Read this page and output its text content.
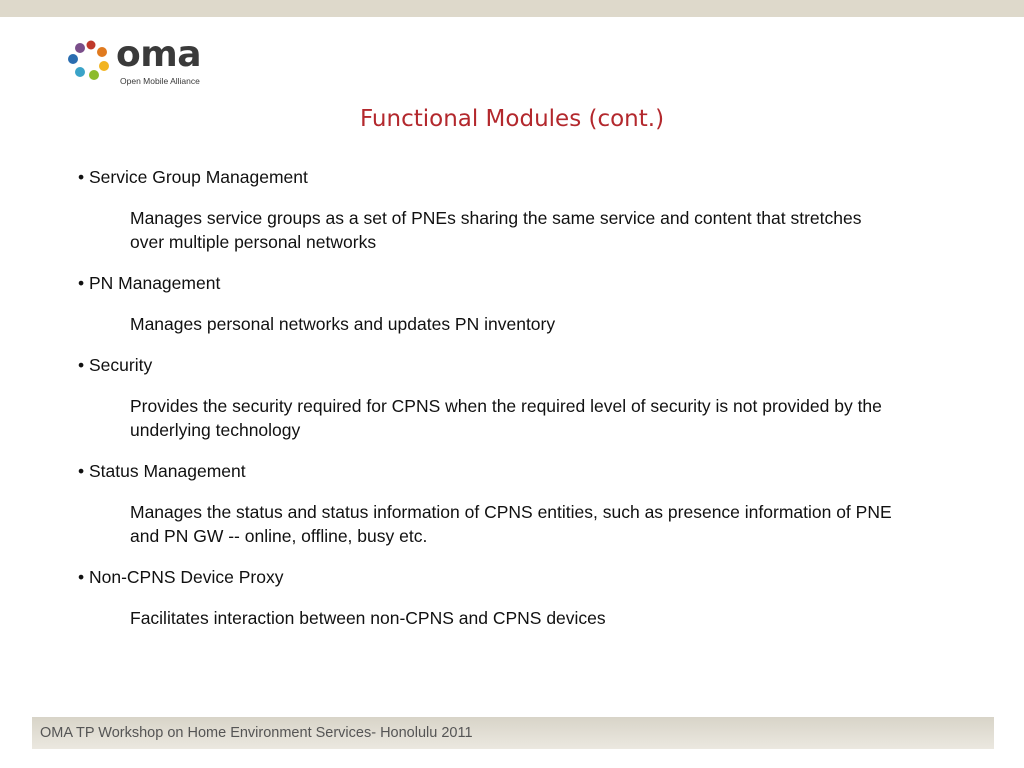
oma
Open Mobile Alliance
Functional Modules (cont.)
• Service Group Management
Manages service groups as a set of PNEs sharing the same service and content that stretches over multiple personal networks
• PN Management
Manages personal networks and updates PN inventory
• Security
Provides the security required for CPNS when the required level of security is not provided by the underlying technology
• Status Management
Manages the status and status information of CPNS entities, such as presence information of PNE and PN GW -- online, offline, busy etc.
• Non-CPNS Device Proxy
Facilitates interaction between non-CPNS and CPNS devices
OMA TP Workshop on Home Environment Services- Honolulu 2011
